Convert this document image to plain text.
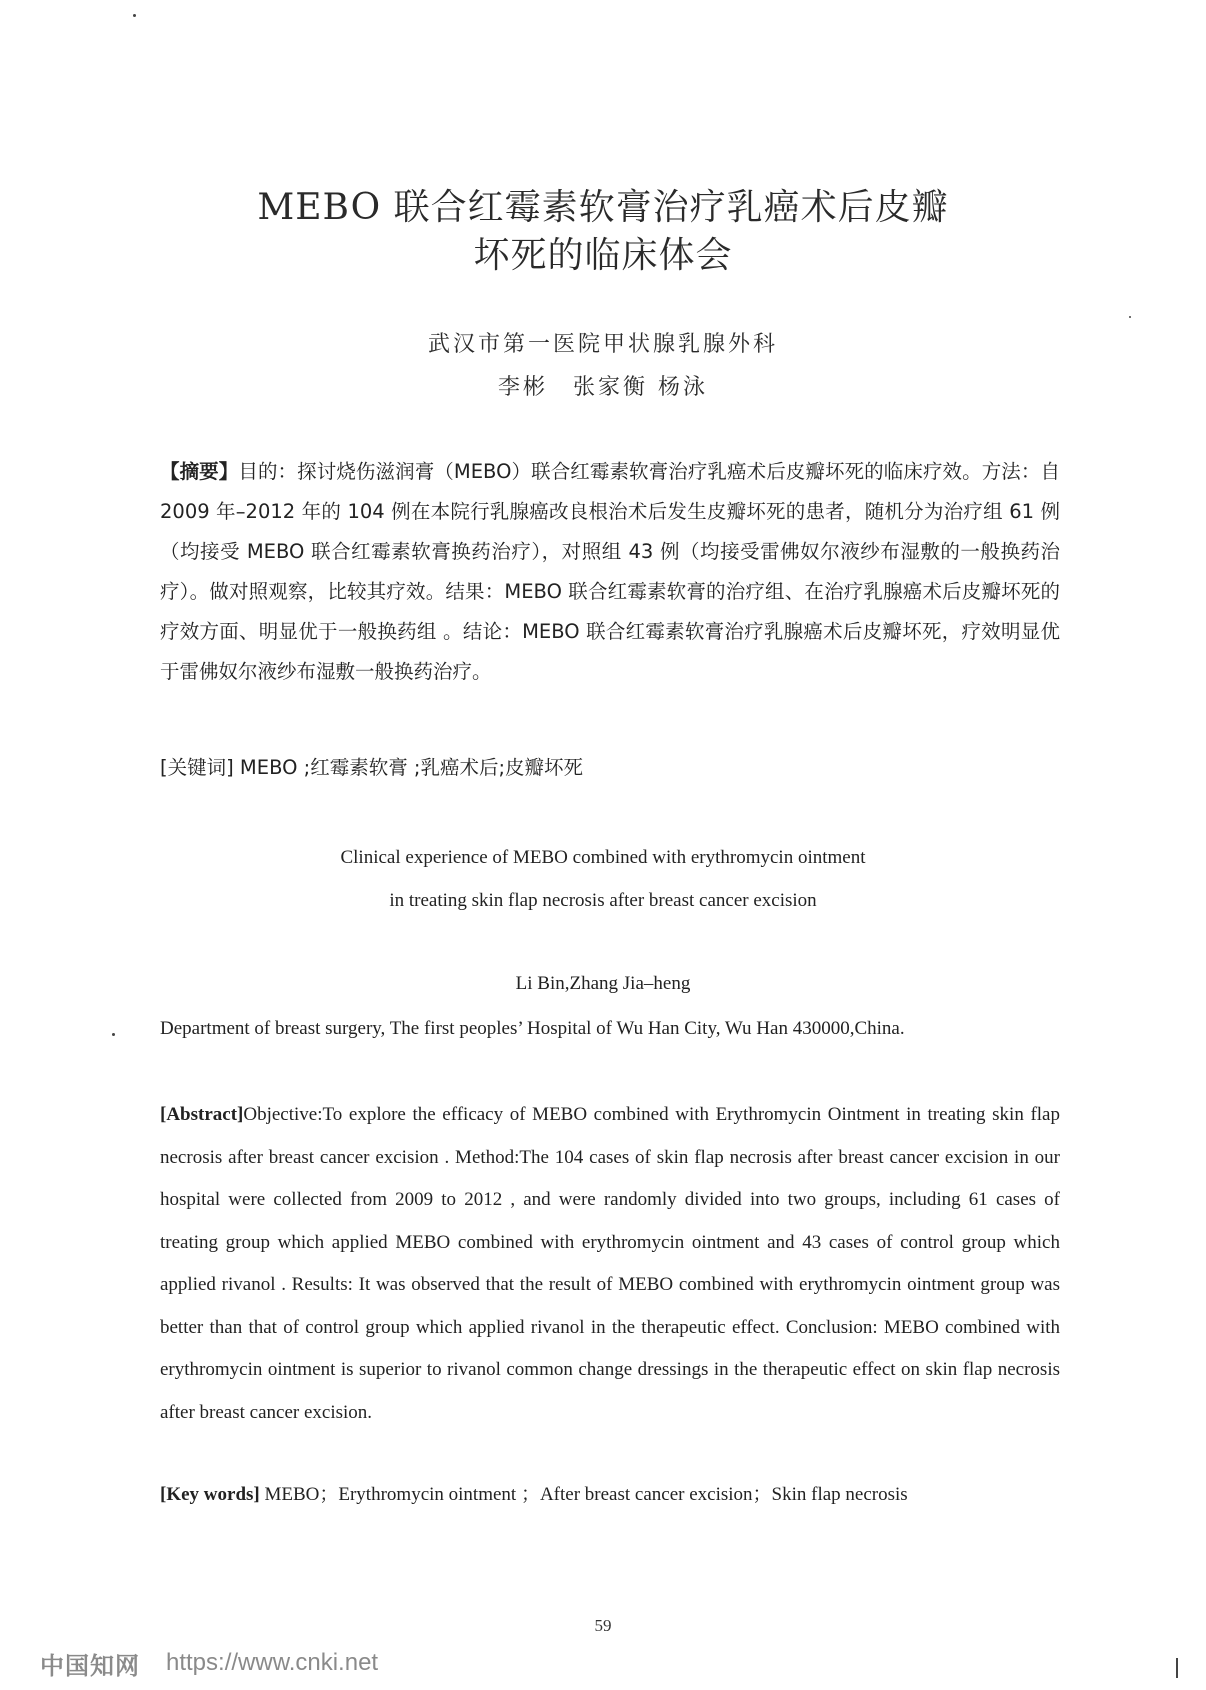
MEBO 联合红霉素软膏治疗乳癌术后皮瓣
坏死的临床体会
武汉市第一医院甲状腺乳腺外科
李彬　张家衡 杨泳
【摘要】目的：探讨烧伤滋润膏（MEBO）联合红霉素软膏治疗乳癌术后皮瓣坏死的临床疗效。方法：自 2009 年–2012 年的 104 例在本院行乳腺癌改良根治术后发生皮瓣坏死的患者，随机分为治疗组 61 例（均接受 MEBO 联合红霉素软膏换药治疗），对照组 43 例（均接受雷佛奴尔液纱布湿敷的一般换药治疗）。做对照观察，比较其疗效。结果：MEBO 联合红霉素软膏的治疗组、在治疗乳腺癌术后皮瓣坏死的疗效方面、明显优于一般换药组 。结论：MEBO 联合红霉素软膏治疗乳腺癌术后皮瓣坏死，疗效明显优于雷佛奴尔液纱布湿敷一般换药治疗。
[关键词] MEBO ;红霉素软膏 ;乳癌术后;皮瓣坏死
Clinical experience of MEBO combined with erythromycin ointment
in treating skin flap necrosis after breast cancer excision
Li Bin,Zhang Jia–heng
Department of breast surgery, The first peoples’ Hospital of Wu Han City, Wu Han 430000,China.
[Abstract]Objective:To explore the efficacy of MEBO combined with Erythromycin Ointment in treating skin flap necrosis after breast cancer excision . Method:The 104 cases of skin flap necrosis after breast cancer excision in our hospital were collected from 2009 to 2012 , and were randomly divided into two groups, including 61 cases of treating group which applied MEBO combined with erythromycin ointment and 43 cases of control group which applied rivanol . Results: It was observed that the result of MEBO combined with erythromycin ointment group was better than that of control group which applied rivanol in the therapeutic effect. Conclusion: MEBO combined with erythromycin ointment is superior to rivanol common change dressings in the therapeutic effect on skin flap necrosis after breast cancer excision.
[Key words] MEBO；Erythromycin ointment ；After breast cancer excision；Skin flap necrosis
59
中国知网 https://www.cnki.net
